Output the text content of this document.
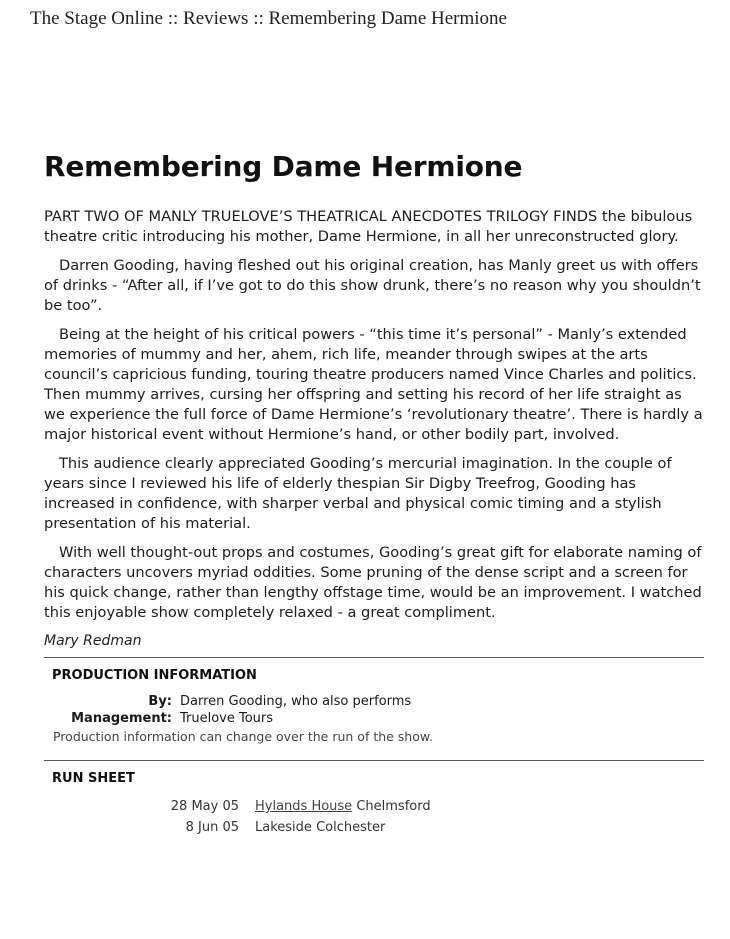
The Stage Online :: Reviews :: Remembering Dame Hermione
Remembering Dame Hermione

PART TWO OF MANLY TRUELOVE’S THEATRICAL ANECDOTES TRILOGY FINDS the bibulous theatre critic introducing his mother, Dame Hermione, in all her unreconstructed glory.

Darren Gooding, having fleshed out his original creation, has Manly greet us with offers of drinks - “After all, if I’ve got to do this show drunk, there’s no reason why you shouldn’t be too”.

Being at the height of his critical powers - “this time it’s personal” - Manly’s extended memories of mummy and her, ahem, rich life, meander through swipes at the arts council’s capricious funding, touring theatre producers named Vince Charles and politics. Then mummy arrives, cursing her offspring and setting his record of her life straight as we experience the full force of Dame Hermione’s ‘revolutionary theatre’. There is hardly a major historical event without Hermione’s hand, or other bodily part, involved.

This audience clearly appreciated Gooding’s mercurial imagination. In the couple of years since I reviewed his life of elderly thespian Sir Digby Treefrog, Gooding has increased in confidence, with sharper verbal and physical comic timing and a stylish presentation of his material.

With well thought-out props and costumes, Gooding’s great gift for elaborate naming of characters uncovers myriad oddities. Some pruning of the dense script and a screen for his quick change, rather than lengthy offstage time, would be an improvement. I watched this enjoyable show completely relaxed - a great compliment.

Mary Redman
PRODUCTION INFORMATION
By: Darren Gooding, who also performs
Management: Truelove Tours
Production information can change over the run of the show.
RUN SHEET
28 May 05	Hylands House Chelmsford
8 Jun 05	Lakeside Colchester
